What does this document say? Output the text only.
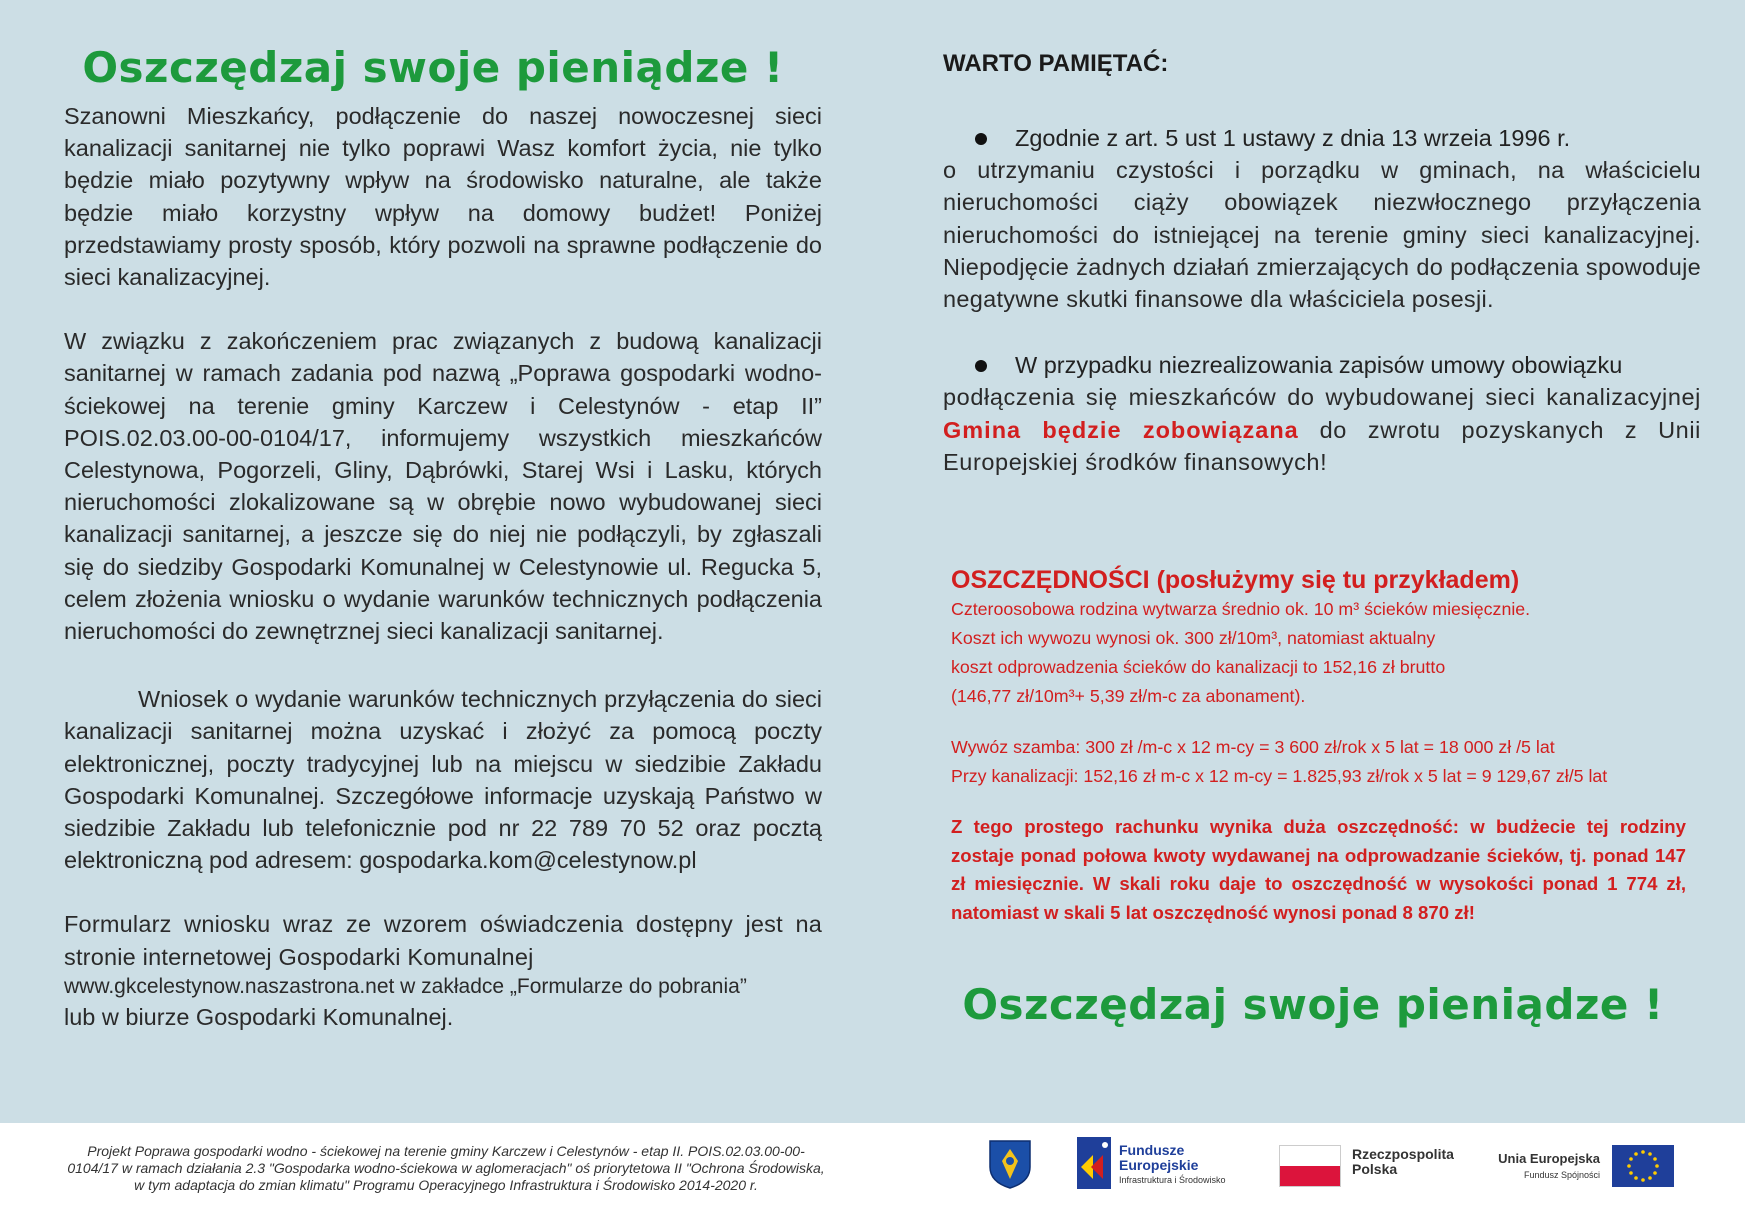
Oszczędzaj swoje pieniądze !

Szanowni Mieszkańcy, podłączenie do naszej nowoczesnej sieci kanalizacji sanitarnej nie tylko poprawi Wasz komfort życia, nie tylko będzie miało pozytywny wpływ na środowisko naturalne, ale także będzie miało korzystny wpływ na domowy budżet! Poniżej przedstawiamy prosty sposób, który pozwoli na sprawne podłączenie do sieci kanalizacyjnej.

W związku z zakończeniem prac związanych z budową kanalizacji sanitarnej w ramach zadania pod nazwą „Poprawa gospodarki wodno- ściekowej na terenie gminy Karczew i Celestynów - etap II” POIS.02.03.00-00-0104/17, informujemy wszystkich mieszkańców Celestynowa, Pogorzeli, Gliny, Dąbrówki, Starej Wsi i Lasku, których nieruchomości zlokalizowane są w obrębie nowo wybudowanej sieci kanalizacji sanitarnej, a jeszcze się do niej nie podłączyli, by zgłaszali się do siedziby Gospodarki Komunalnej w Celestynowie ul. Regucka 5, celem złożenia wniosku o wydanie warunków technicznych podłączenia nieruchomości do zewnętrznej sieci kanalizacji sanitarnej.

Wniosek o wydanie warunków technicznych przyłączenia do sieci kanalizacji sanitarnej można uzyskać i złożyć za pomocą poczty elektronicznej, poczty tradycyjnej lub na miejscu w siedzibie Zakładu Gospodarki Komunalnej. Szczegółowe informacje uzyskają Państwo w siedzibie Zakładu lub telefonicznie pod nr 22 789 70 52 oraz pocztą elektroniczną pod adresem: gospodarka.kom@celestynow.pl

Formularz wniosku wraz ze wzorem oświadczenia dostępny jest na stronie internetowej Gospodarki Komunalnej

www.gkcelestynow.naszastrona.net w zakładce „Formularze do pobrania”

lub w biurze Gospodarki Komunalnej.

WARTO PAMIĘTAĆ:

Zgodnie z art. 5 ust 1 ustawy z dnia 13 wrzeia 1996 r.

o utrzymaniu czystości i porządku w gminach, na właścicielu nieruchomości ciąży obowiązek niezwłocznego przyłączenia nieruchomości do istniejącej na terenie gminy sieci kanalizacyjnej. Niepodjęcie żadnych działań zmierzających do podłączenia spowoduje negatywne skutki finansowe dla właściciela posesji.

W przypadku niezrealizowania zapisów umowy obowiązku

podłączenia się mieszkańców do wybudowanej sieci kanalizacyjnej Gmina będzie zobowiązana do zwrotu pozyskanych z Unii Europejskiej środków finansowych!

OSZCZĘDNOŚCI (posłużymy się tu przykładem)

Czteroosobowa rodzina wytwarza średnio ok. 10 m³ ścieków miesięcznie.

Koszt ich wywozu wynosi ok. 300 zł/10m³, natomiast aktualny

koszt odprowadzenia ścieków do kanalizacji to 152,16 zł brutto

(146,77 zł/10m³+ 5,39 zł/m-c za abonament).

Wywóz szamba: 300 zł /m-c x 12 m-cy = 3 600 zł/rok x 5 lat = 18 000 zł /5 lat

Przy kanalizacji: 152,16 zł m-c x 12 m-cy = 1.825,93 zł/rok x 5 lat = 9 129,67 zł/5 lat

Z tego prostego rachunku wynika duża oszczędność: w budżecie tej rodziny zostaje ponad połowa kwoty wydawanej na odprowadzanie ścieków, tj. ponad 147 zł miesięcznie. W skali roku daje to oszczędność w wysokości ponad 1 774 zł, natomiast w skali 5 lat oszczędność wynosi ponad 8 870 zł!

Oszczędzaj swoje pieniądze !
Projekt Poprawa gospodarki wodno - ściekowej na terenie gminy Karczew i Celestynów - etap II. POIS.02.03.00-00-0104/17 w ramach działania 2.3 "Gospodarka wodno-ściekowa w aglomeracjach" oś priorytetowa II "Ochrona Środowiska, w tym adaptacja do zmian klimatu" Programu Operacyjnego Infrastruktura i Środowisko 2014-2020 r.
Fundusze
Europejskie
Infrastruktura i Środowisko
Rzeczpospolita
Polska
Unia Europejska
Fundusz Spójności
